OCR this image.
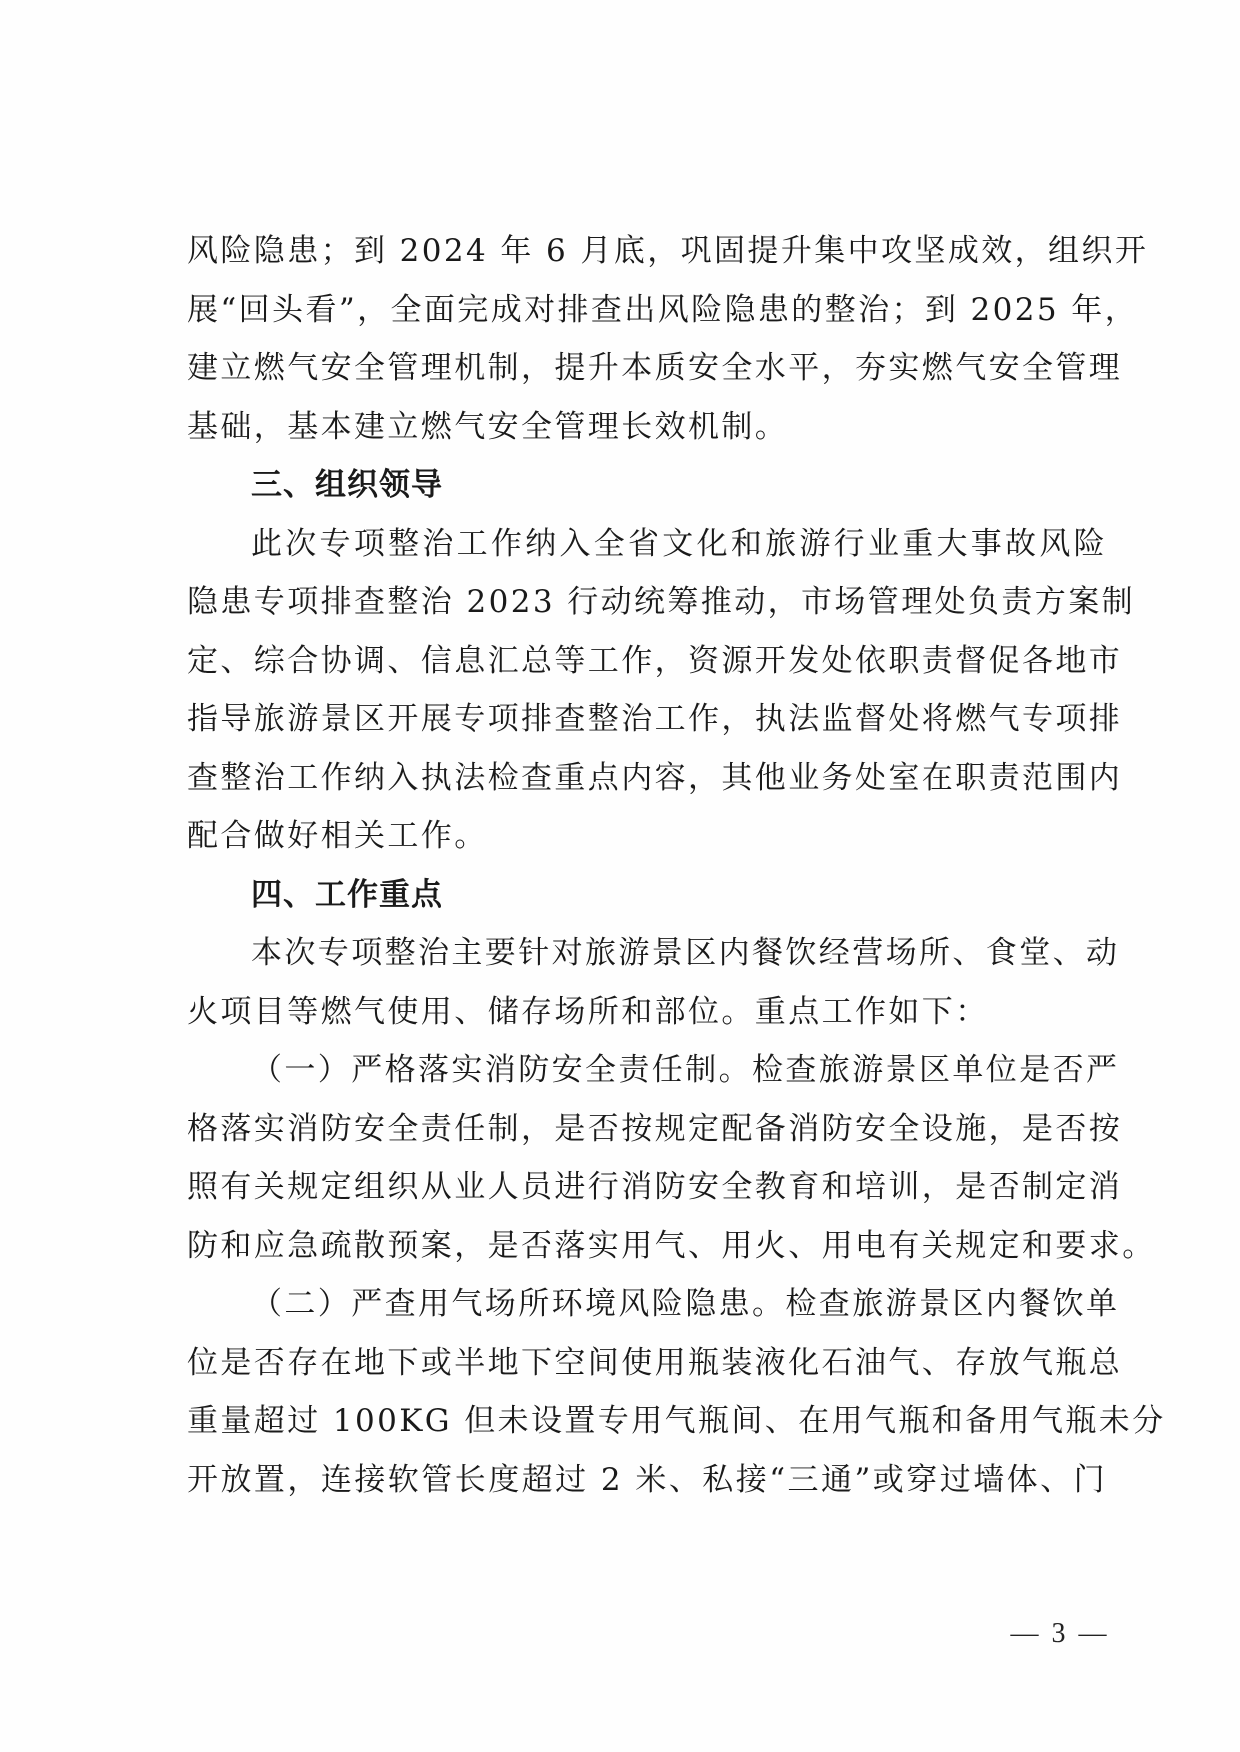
风险隐患；到 2024 年 6 月底，巩固提升集中攻坚成效，组织开
展“回头看”，全面完成对排查出风险隐患的整治；到 2025 年，
建立燃气安全管理机制，提升本质安全水平，夯实燃气安全管理
基础，基本建立燃气安全管理长效机制。
三、组织领导
此次专项整治工作纳入全省文化和旅游行业重大事故风险
隐患专项排查整治 2023 行动统筹推动，市场管理处负责方案制
定、综合协调、信息汇总等工作，资源开发处依职责督促各地市
指导旅游景区开展专项排查整治工作，执法监督处将燃气专项排
查整治工作纳入执法检查重点内容，其他业务处室在职责范围内
配合做好相关工作。
四、工作重点
本次专项整治主要针对旅游景区内餐饮经营场所、食堂、动
火项目等燃气使用、储存场所和部位。重点工作如下：
（一）严格落实消防安全责任制。检查旅游景区单位是否严
格落实消防安全责任制，是否按规定配备消防安全设施，是否按
照有关规定组织从业人员进行消防安全教育和培训，是否制定消
防和应急疏散预案，是否落实用气、用火、用电有关规定和要求。
（二）严查用气场所环境风险隐患。检查旅游景区内餐饮单
位是否存在地下或半地下空间使用瓶装液化石油气、存放气瓶总
重量超过 100KG 但未设置专用气瓶间、在用气瓶和备用气瓶未分
开放置，连接软管长度超过 2 米、私接“三通”或穿过墙体、门
— 3 —
